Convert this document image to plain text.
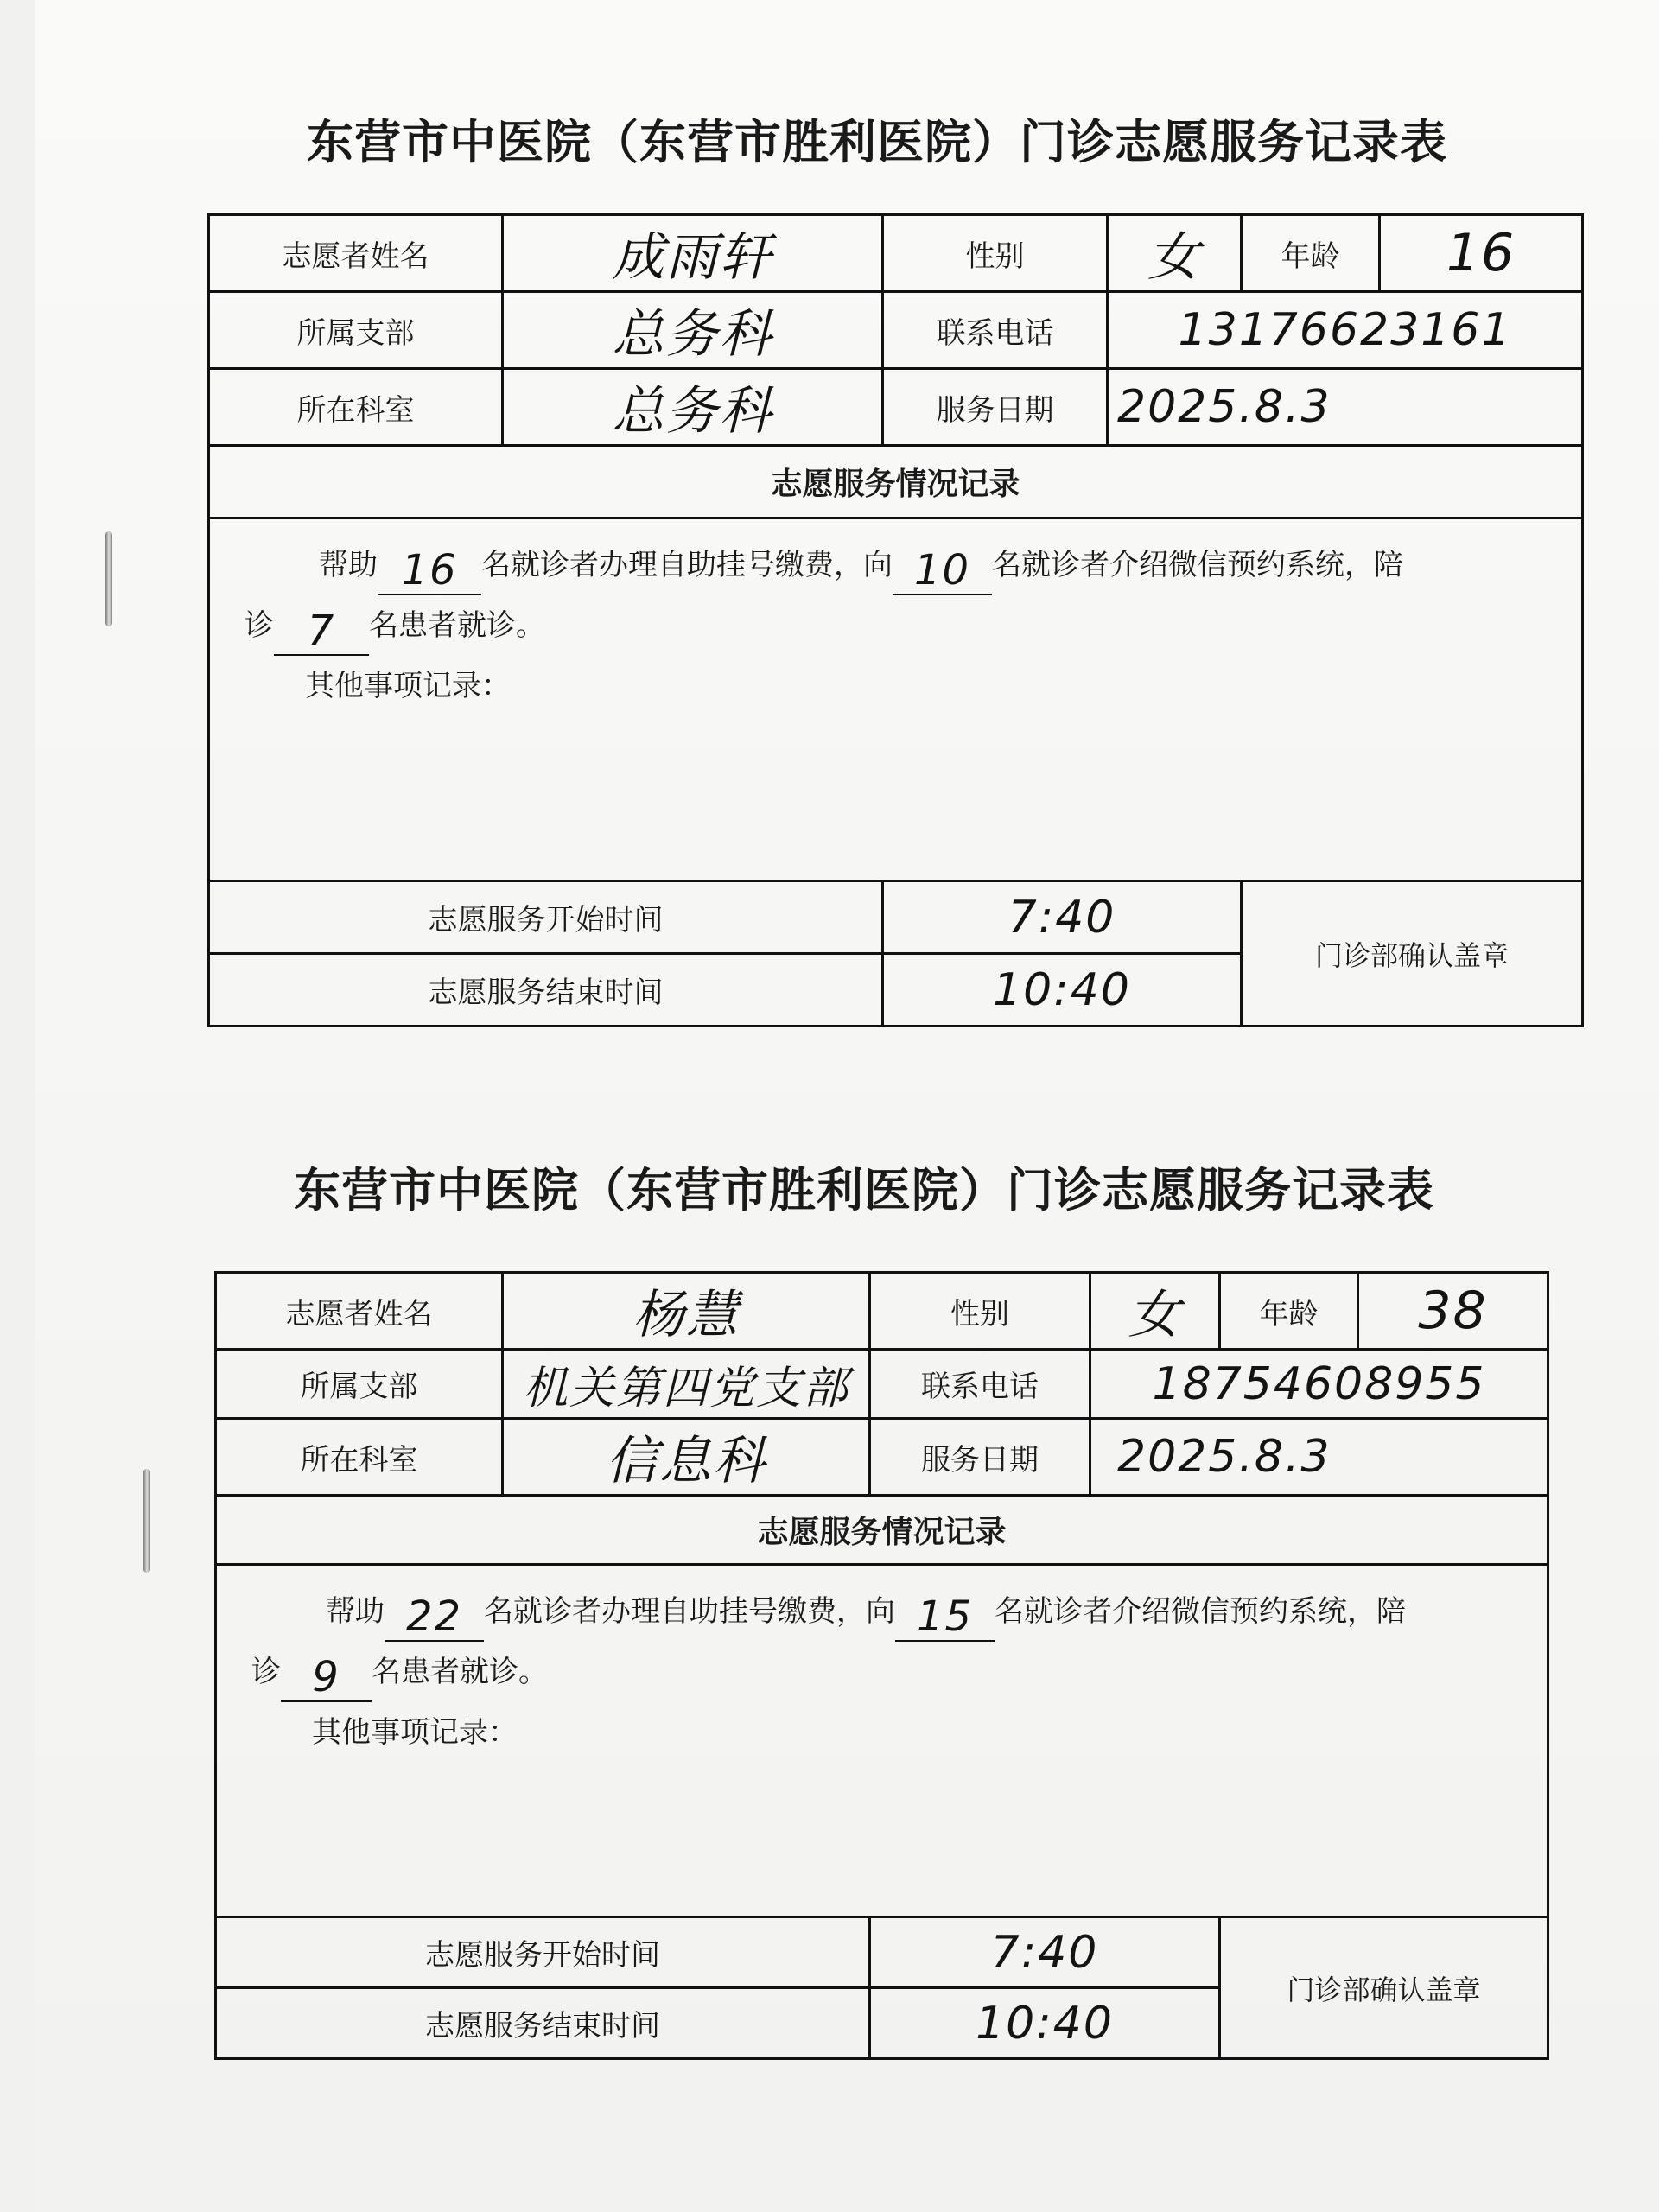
东营市中医院（东营市胜利医院）门诊志愿服务记录表
志愿者姓名	成雨轩	性别	女	年龄	16
所属支部	总务科	联系电话	13176623161		
所在科室	总务科	服务日期	2025.8.3		
志愿服务情况记录					

帮助 16 名就诊者办理自助挂号缴费，向 10 名就诊者介绍微信预约系统，陪
诊 7 名患者就诊。
其他事项记录：					

志愿服务开始时间		7:40		门诊部确认盖章	
志愿服务结束时间		10:40			
东营市中医院（东营市胜利医院）门诊志愿服务记录表
志愿者姓名	杨慧	性别	女	年龄	38
所属支部	机关第四党支部	联系电话	18754608955		
所在科室	信息科	服务日期	2025.8.3		
志愿服务情况记录					

帮助 22 名就诊者办理自助挂号缴费，向 15 名就诊者介绍微信预约系统，陪
诊 9 名患者就诊。
其他事项记录：					

志愿服务开始时间		7:40		门诊部确认盖章	
志愿服务结束时间		10:40			
